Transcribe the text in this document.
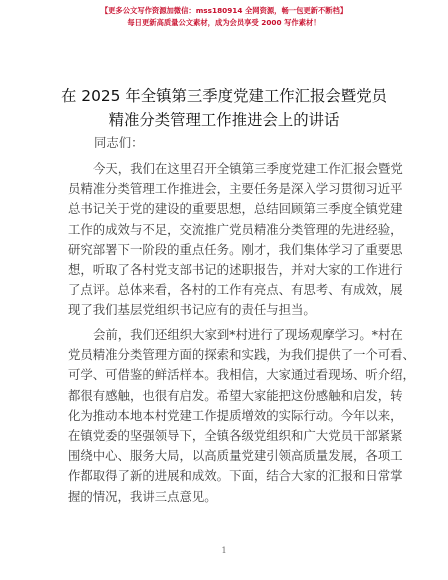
【更多公文写作资源加微信：mss180914 全网资源，畅一包更新不断档】
每日更新高质量公文素材，成为会员享受 2000 写作素材！
在 2025 年全镇第三季度党建工作汇报会暨党员
精准分类管理工作推进会上的讲话
同志们：
今天，我们在这里召开全镇第三季度党建工作汇报会暨党
员精准分类管理工作推进会，主要任务是深入学习贯彻习近平
总书记关于党的建设的重要思想，总结回顾第三季度全镇党建
工作的成效与不足，交流推广党员精准分类管理的先进经验，
研究部署下一阶段的重点任务。刚才，我们集体学习了重要思
想，听取了各村党支部书记的述职报告，并对大家的工作进行
了点评。总体来看，各村的工作有亮点、有思考、有成效，展
现了我们基层党组织书记应有的责任与担当。
会前，我们还组织大家到*村进行了现场观摩学习。*村在
党员精准分类管理方面的探索和实践，为我们提供了一个可看、
可学、可借鉴的鲜活样本。我相信，大家通过看现场、听介绍，
都很有感触，也很有启发。希望大家能把这份感触和启发，转
化为推动本地本村党建工作提质增效的实际行动。今年以来，
在镇党委的坚强领导下，全镇各级党组织和广大党员干部紧紧
围绕中心、服务大局，以高质量党建引领高质量发展，各项工
作都取得了新的进展和成效。下面，结合大家的汇报和日常掌
握的情况，我讲三点意见。
1
